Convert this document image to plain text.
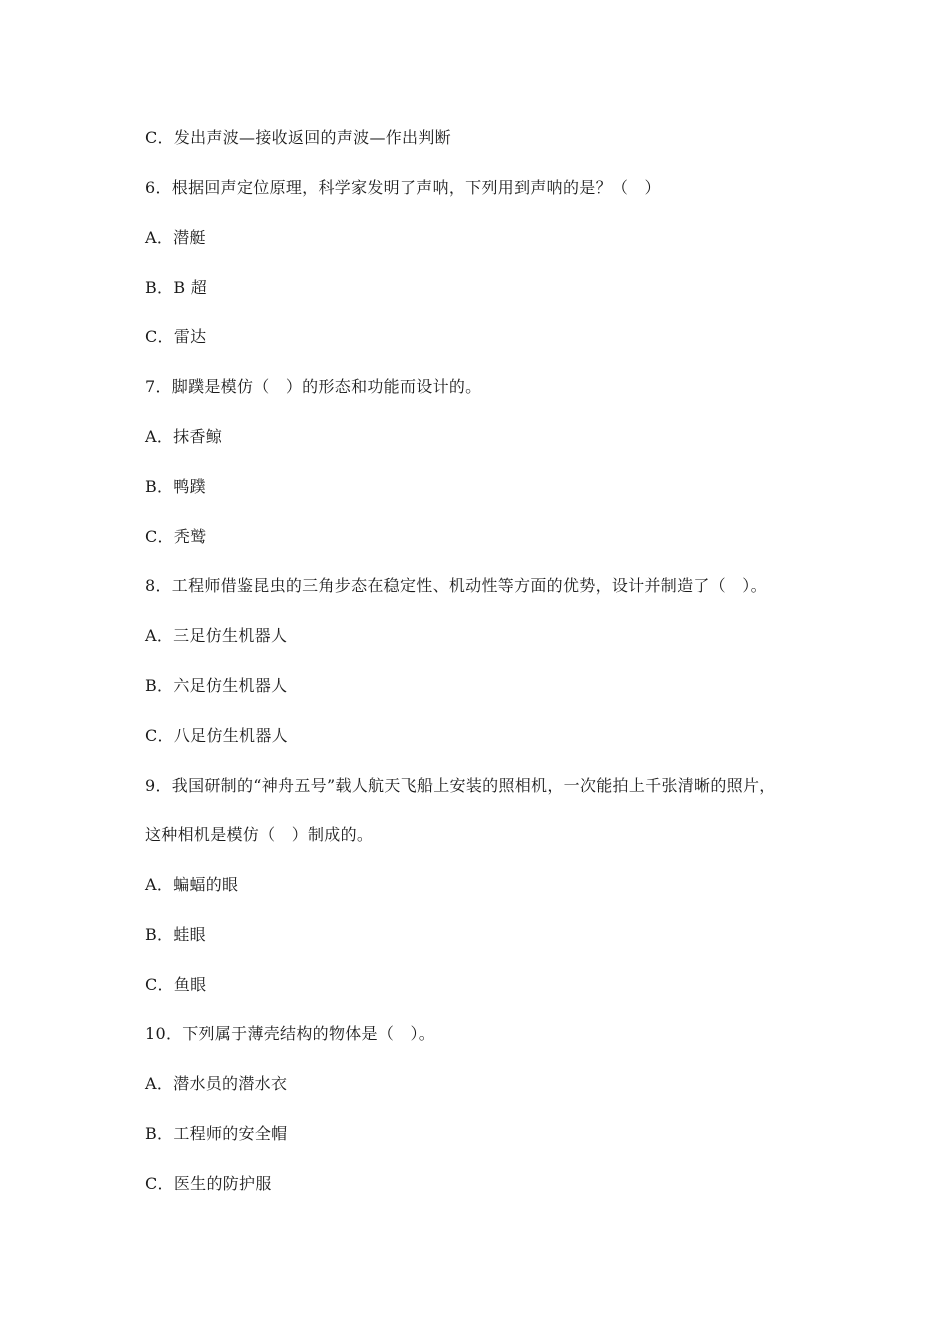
C．发出声波—接收返回的声波—作出判断
6．根据回声定位原理，科学家发明了声呐，下列用到声呐的是？（　）
A．潜艇
B．B 超
C．雷达
7．脚蹼是模仿（　）的形态和功能而设计的。
A．抹香鲸
B．鸭蹼
C．秃鹫
8．工程师借鉴昆虫的三角步态在稳定性、机动性等方面的优势，设计并制造了（　）。
A．三足仿生机器人
B．六足仿生机器人
C．八足仿生机器人
9．我国研制的“神舟五号”载人航天飞船上安装的照相机，一次能拍上千张清晰的照片，
这种相机是模仿（　）制成的。
A．蝙蝠的眼
B．蛙眼
C．鱼眼
10．下列属于薄壳结构的物体是（　）。
A．潜水员的潜水衣
B．工程师的安全帽
C．医生的防护服
